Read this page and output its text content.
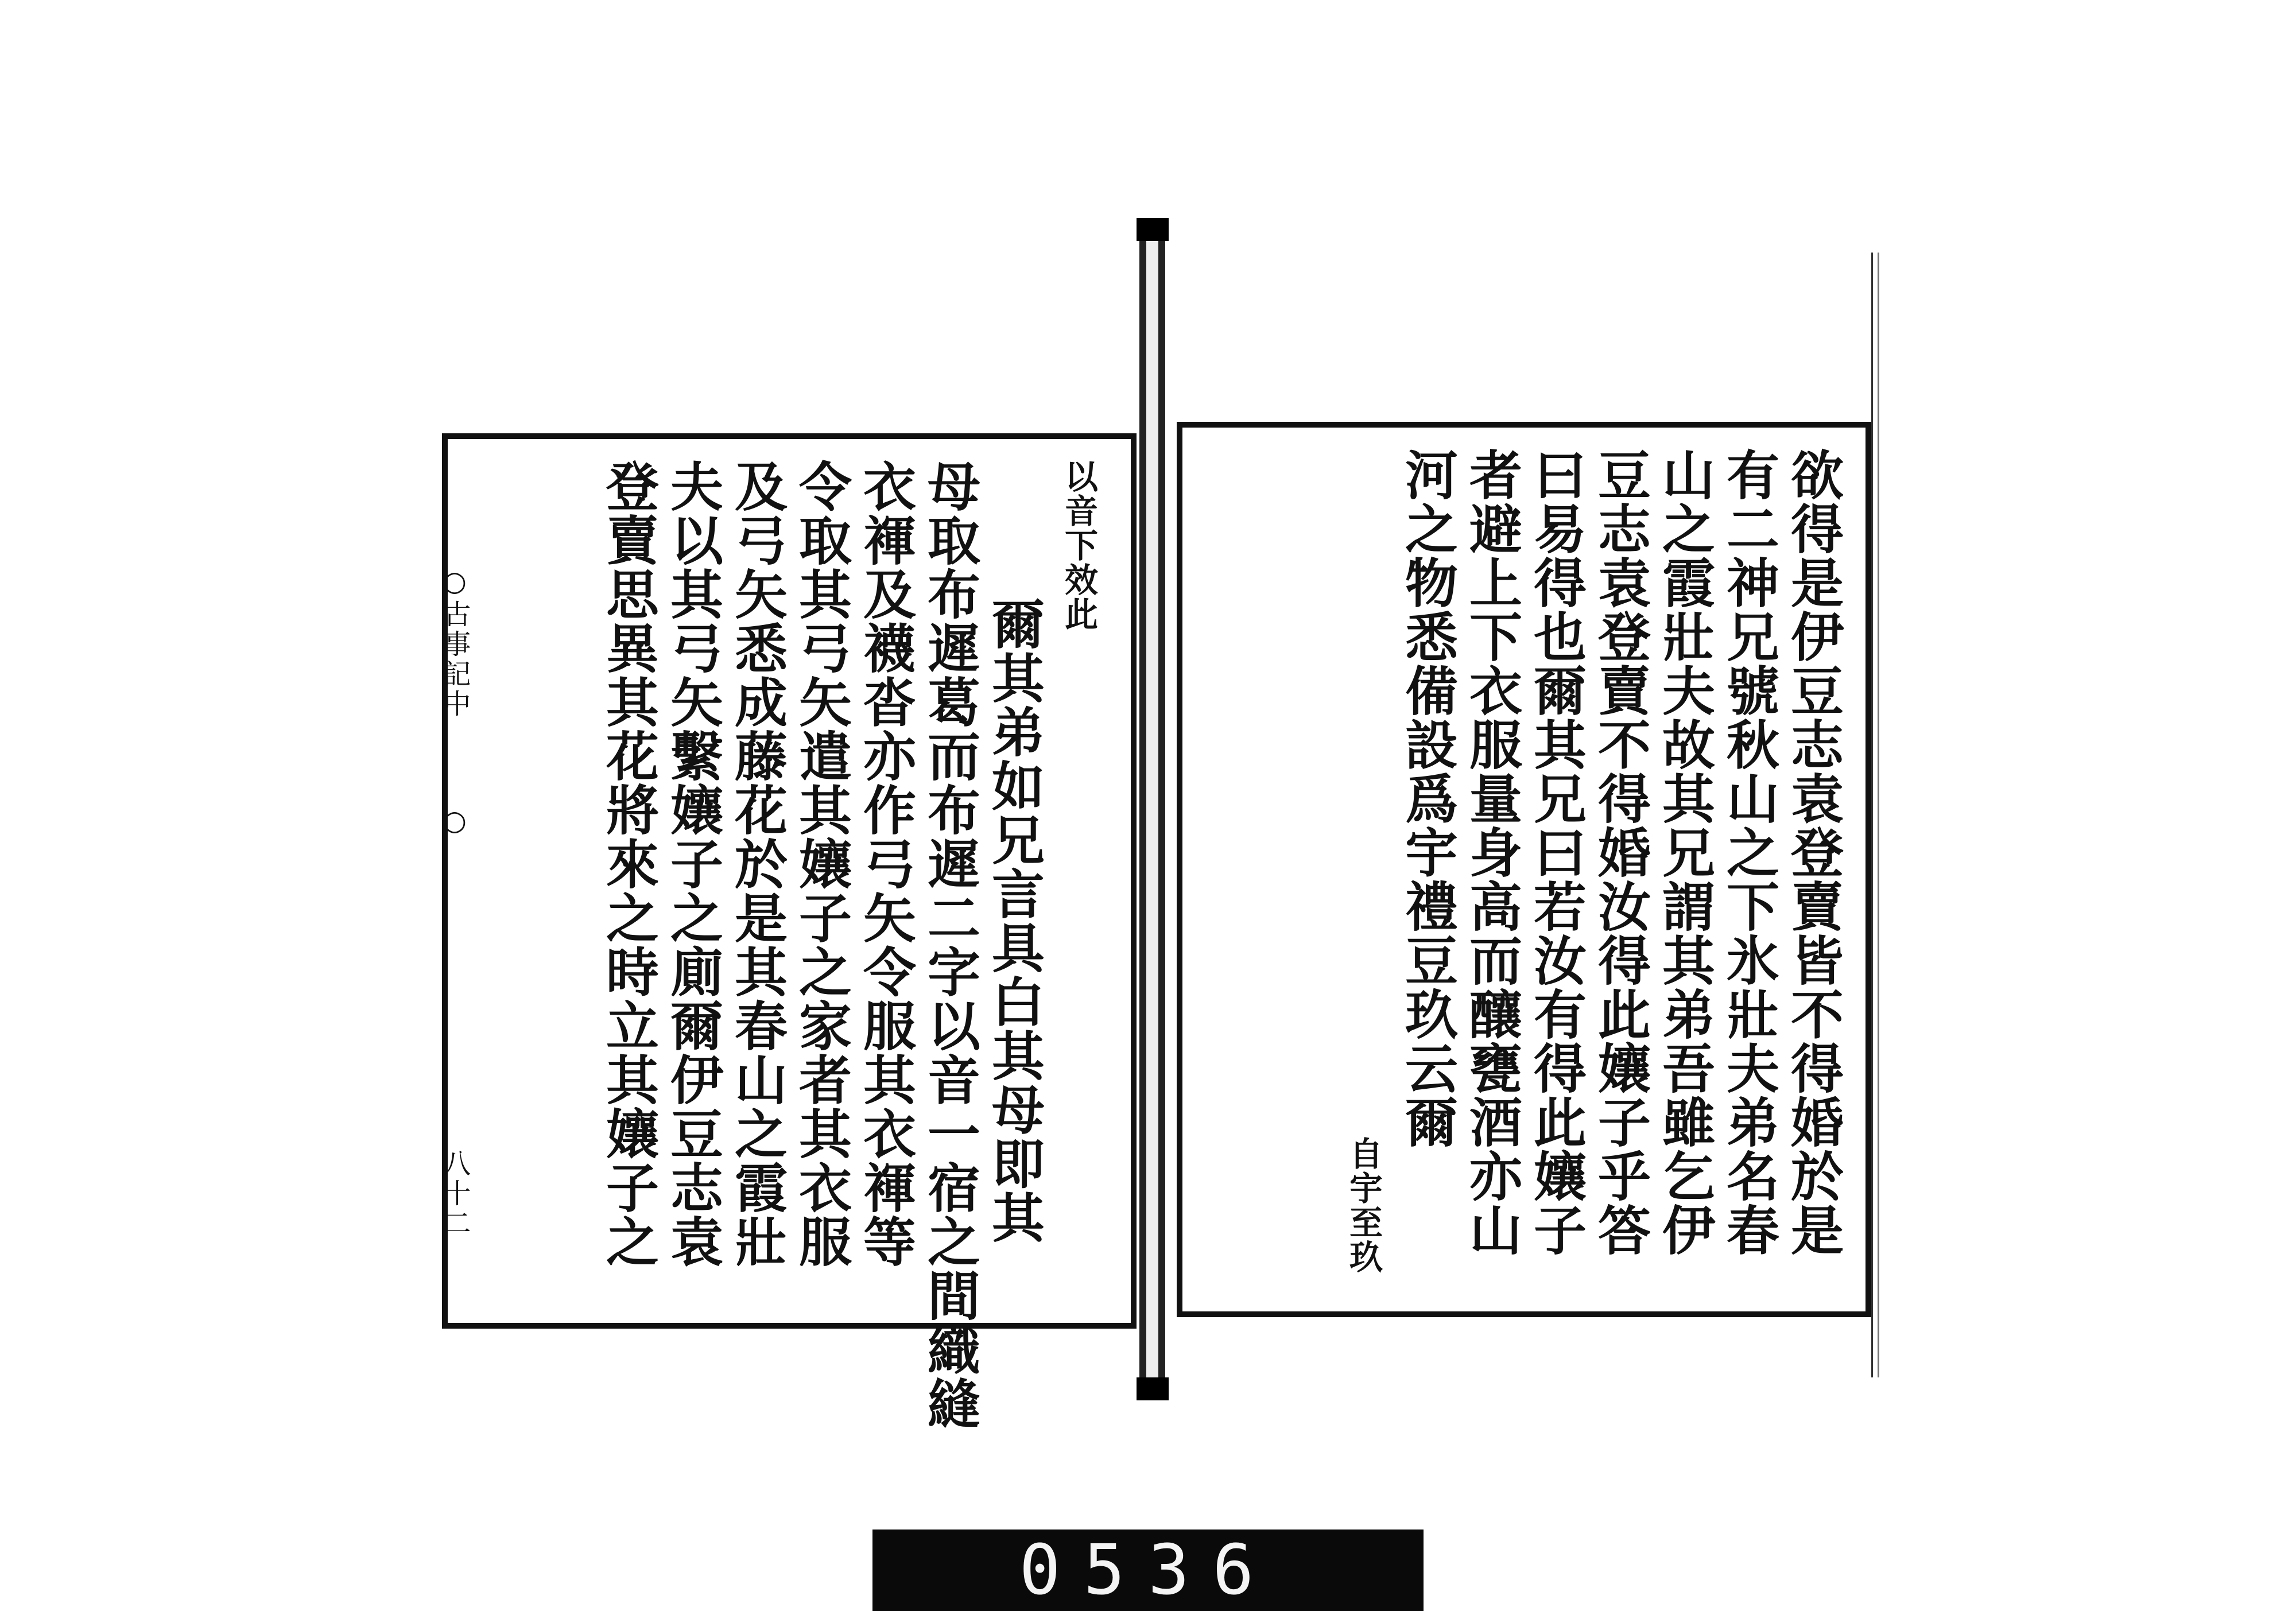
欲得是伊豆志袁登賣皆不得婚於是
有二神兄號秋山之下氷壯夫弟名春
山之霞壯夫故其兄謂其弟吾雖乞伊
豆志袁登賣不得婚汝得此孃子乎答
曰易得也爾其兄曰若汝有得此孃子
者避上下衣服量身高而釀甕酒亦山
河之物悉備設爲宇禮豆玖云爾
自宇至玖
以音下效此
爾其弟如兄言具白其母即其
母取布遲葛而布遲二字以音一宿之間織縫
衣褌及襪沓亦作弓矢令服其衣褌等
令取其弓矢遣其孃子之家者其衣服
及弓矢悉成藤花於是其春山之霞壯
夫以其弓矢繫孃子之廁爾伊豆志袁
登賣思異其花將來之時立其孃子之
○古事記中 ○ 八十二
0536
